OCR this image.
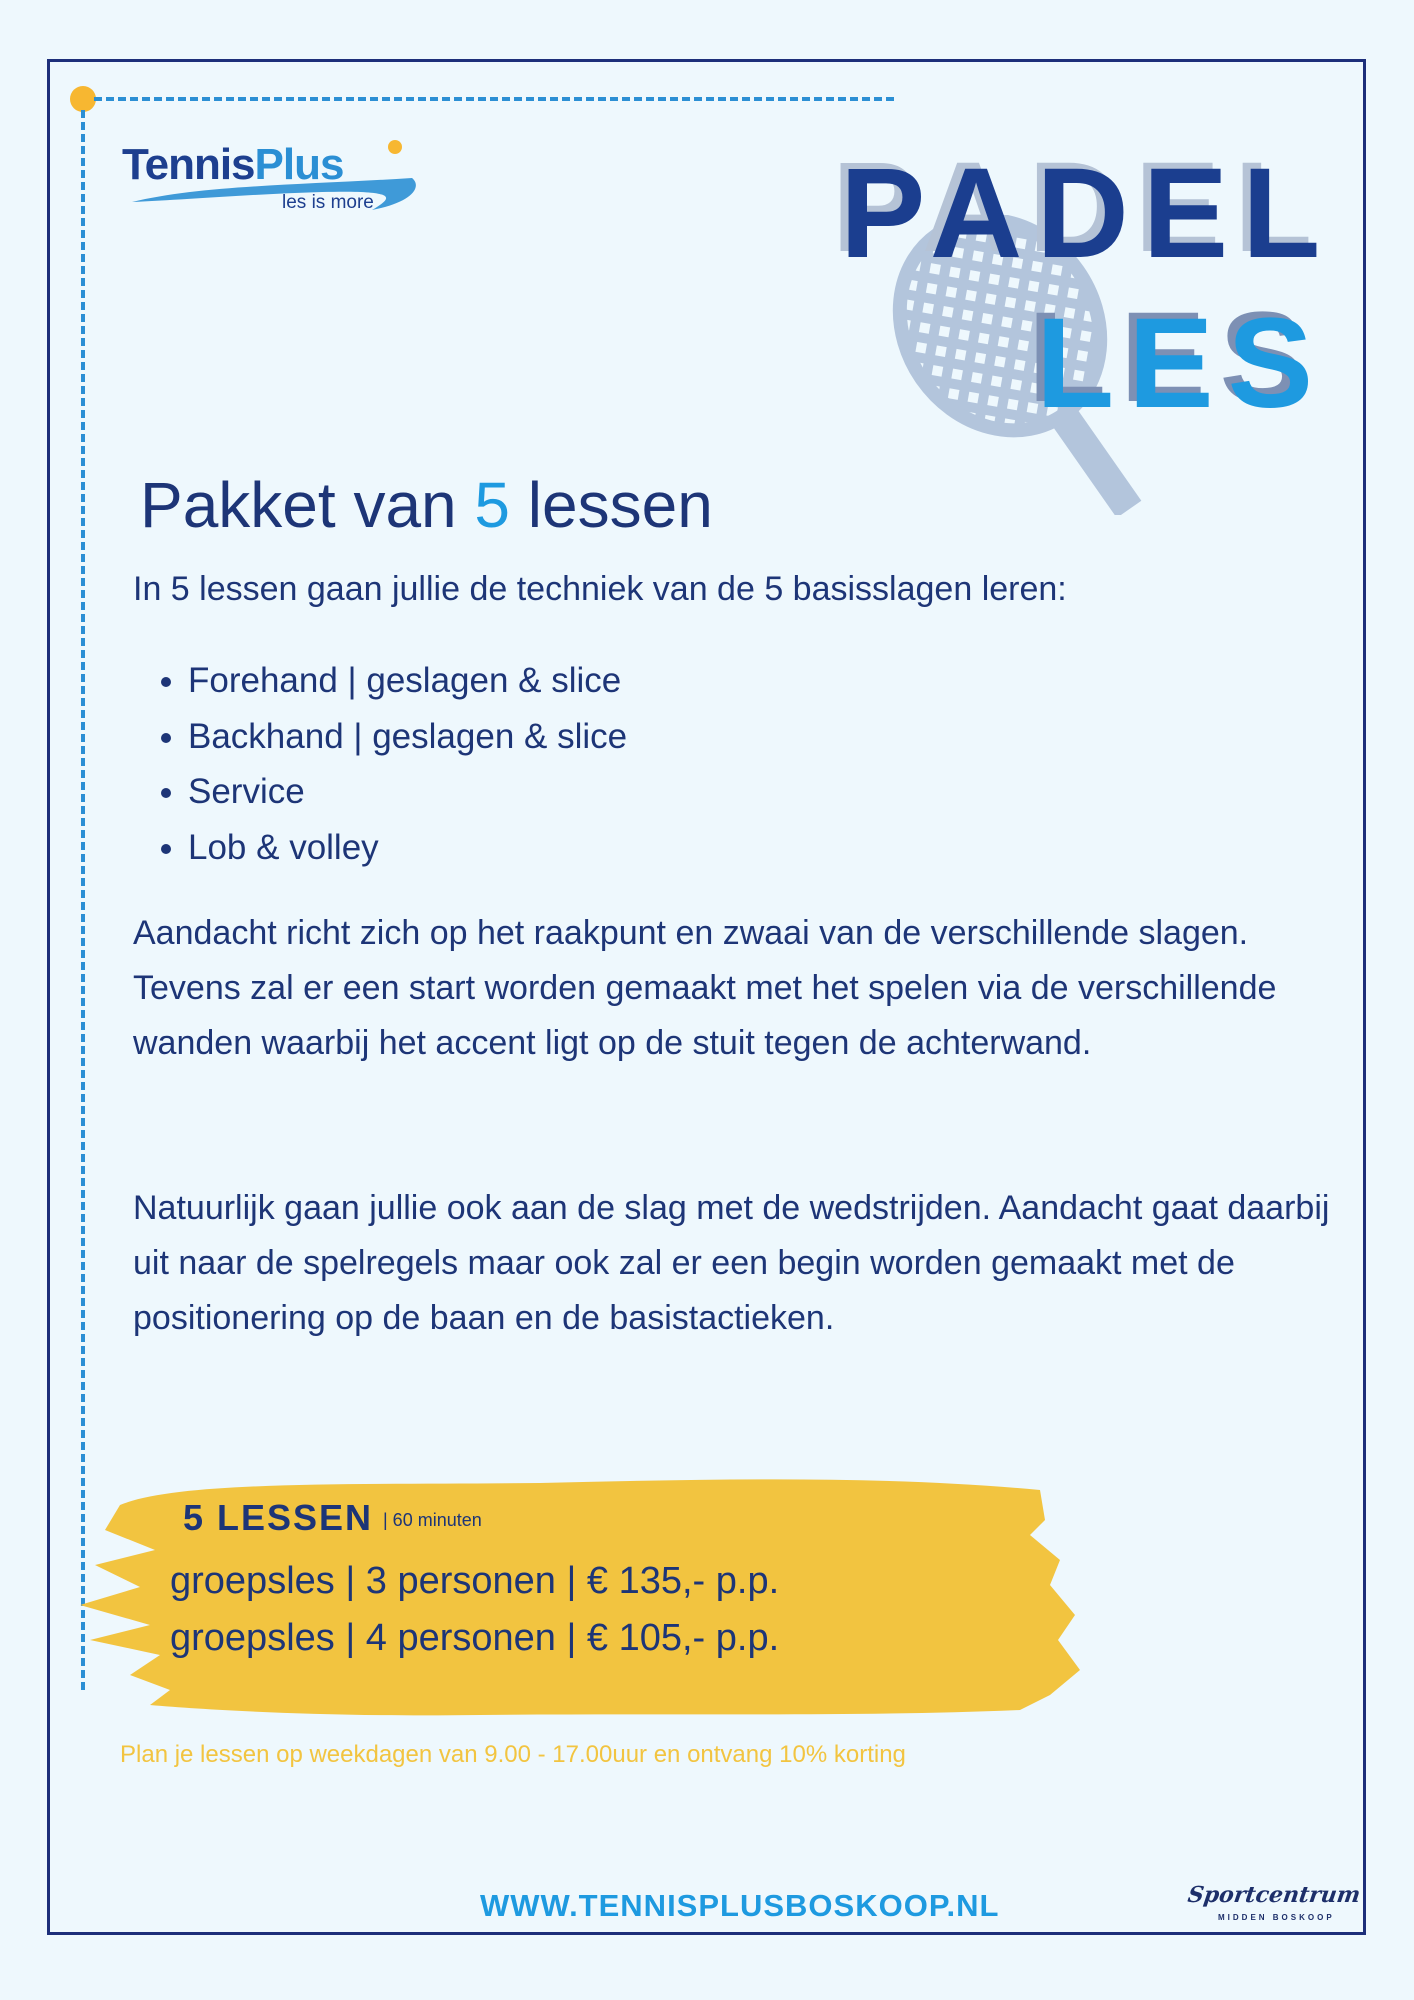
TennisPlus
les is more	PADEL
LES
Pakket van 5 lessen
In 5 lessen gaan jullie de techniek van de 5 basisslagen leren:
• Forehand | geslagen & slice
• Backhand | geslagen & slice
• Service
• Lob & volley

Aandacht richt zich op het raakpunt en zwaai van de verschillende slagen. Tevens zal er een start worden gemaakt met het spelen via de verschillende wanden waarbij het accent ligt op de stuit tegen de achterwand.

Natuurlijk gaan jullie ook aan de slag met de wedstrijden. Aandacht gaat daarbij uit naar de spelregels maar ook zal er een begin worden gemaakt met de positionering op de baan en de basistactieken.

5 LESSEN | 60 minuten
groepsles | 3 personen | € 135,- p.p.
groepsles | 4 personen | € 105,- p.p.
Plan je lessen op weekdagen van 9.00 - 17.00uur en ontvang 10% korting
WWW.TENNISPLUSBOSKOOP.NL	Sportcentrum
MIDDEN BOSKOOP
